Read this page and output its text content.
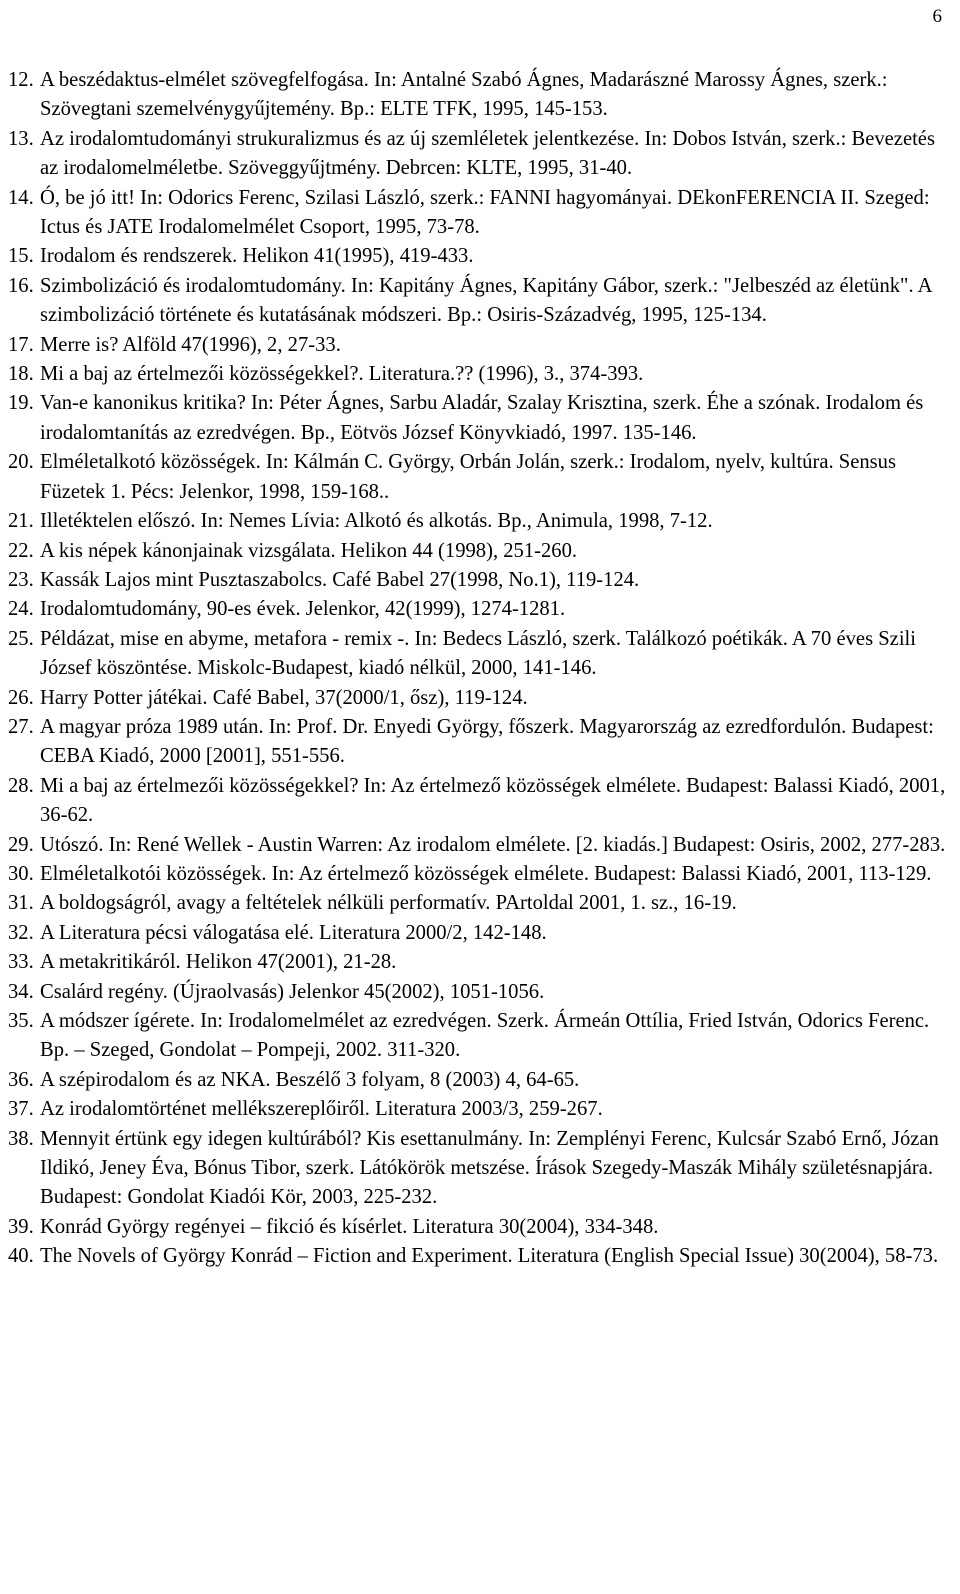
6
12. A beszédaktus-elmélet szövegfelfogása. In: Antalné Szabó Ágnes, Madarászné Marossy Ágnes, szerk.: Szövegtani szemelvénygyűjtemény. Bp.: ELTE TFK, 1995, 145-153.
13. Az irodalomtudományi strukuralizmus és az új szemléletek jelentkezése. In: Dobos István, szerk.: Bevezetés az irodalomelméletbe. Szöveggyűjtmény. Debrcen: KLTE, 1995, 31-40.
14. Ó, be jó itt! In: Odorics Ferenc, Szilasi László, szerk.: FANNI hagyományai. DEkonFERENCIA II. Szeged: Ictus és JATE Irodalomelmélet Csoport, 1995, 73-78.
15. Irodalom és rendszerek. Helikon 41(1995), 419-433.
16. Szimbolizáció és irodalomtudomány. In: Kapitány Ágnes, Kapitány Gábor, szerk.: "Jelbeszéd az életünk". A szimbolizáció története és kutatásának módszeri. Bp.: Osiris-Századvég, 1995, 125-134.
17. Merre is? Alföld 47(1996), 2, 27-33.
18. Mi a baj az értelmezői közösségekkel?. Literatura.?? (1996), 3., 374-393.
19. Van-e kanonikus kritika? In: Péter Ágnes, Sarbu Aladár, Szalay Krisztina, szerk. Éhe a szónak. Irodalom és irodalomtanítás az ezredvégen. Bp., Eötvös József Könyvkiadó, 1997. 135-146.
20. Elméletalkotó közösségek. In: Kálmán C. György, Orbán Jolán, szerk.: Irodalom, nyelv, kultúra. Sensus Füzetek 1. Pécs: Jelenkor, 1998, 159-168..
21. Illetéktelen előszó. In: Nemes Lívia: Alkotó és alkotás. Bp., Animula, 1998, 7-12.
22. A kis népek kánonjainak vizsgálata. Helikon 44 (1998), 251-260.
23. Kassák Lajos mint Pusztaszabolcs. Café Babel 27(1998, No.1), 119-124.
24. Irodalomtudomány, 90-es évek. Jelenkor, 42(1999), 1274-1281.
25. Példázat, mise en abyme, metafora - remix -. In: Bedecs László, szerk. Találkozó poétikák. A 70 éves Szili József köszöntése. Miskolc-Budapest, kiadó nélkül, 2000, 141-146.
26. Harry Potter játékai. Café Babel, 37(2000/1, ősz), 119-124.
27. A magyar próza 1989 után. In: Prof. Dr. Enyedi György, főszerk. Magyarország az ezredfordulón. Budapest: CEBA Kiadó, 2000 [2001], 551-556.
28. Mi a baj az értelmezői közösségekkel? In: Az értelmező közösségek elmélete. Budapest: Balassi Kiadó, 2001, 36-62.
29. Utószó. In: René Wellek - Austin Warren: Az irodalom elmélete. [2. kiadás.] Budapest: Osiris, 2002, 277-283.
30. Elméletalkotói közösségek. In: Az értelmező közösségek elmélete. Budapest: Balassi Kiadó, 2001, 113-129.
31. A boldogságról, avagy a feltételek nélküli performatív. PArtoldal 2001, 1. sz., 16-19.
32. A Literatura pécsi válogatása elé. Literatura 2000/2, 142-148.
33. A metakritikáról. Helikon 47(2001), 21-28.
34. Csalárd regény. (Újraolvasás) Jelenkor 45(2002), 1051-1056.
35. A módszer ígérete. In: Irodalomelmélet az ezredvégen. Szerk. Ármeán Ottília, Fried István, Odorics Ferenc. Bp. – Szeged, Gondolat – Pompeji, 2002. 311-320.
36. A szépirodalom és az NKA. Beszélő 3 folyam, 8 (2003) 4, 64-65.
37. Az irodalomtörténet mellékszereplőiről. Literatura 2003/3, 259-267.
38. Mennyit értünk egy idegen kultúrából? Kis esettanulmány. In: Zemplényi Ferenc, Kulcsár Szabó Ernő, Józan Ildikó, Jeney Éva, Bónus Tibor, szerk. Látókörök metszése. Írások Szegedy-Maszák Mihály születésnapjára. Budapest: Gondolat Kiadói Kör, 2003, 225-232.
39. Konrád György regényei – fikció és kísérlet. Literatura 30(2004), 334-348.
40. The Novels of György Konrád – Fiction and Experiment. Literatura (English Special Issue) 30(2004), 58-73.
